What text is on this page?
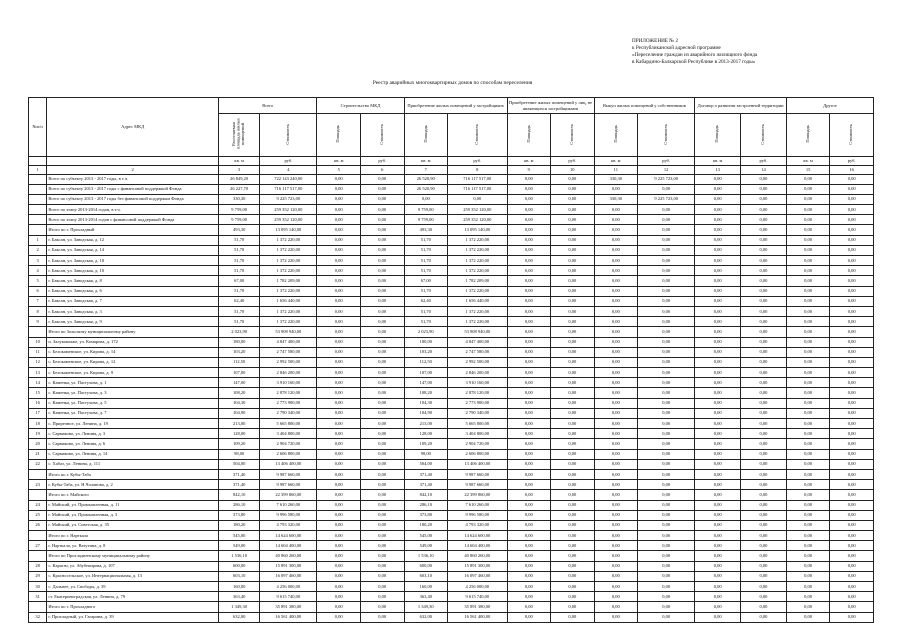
ПРИЛОЖЕНИЕ № 2
к Республиканской адресной программе
«Переселение граждан из аварийного жилищного фонда
в Кабардино-Балкарской Республике в 2013-2017 годы»
Реестр аварийных многоквартирных домов по способам переселения
№п/п	Адрес МКД	Всего		Строительство МКД		Приобретение жилых помещений у застройщиков		Приобретение жилых помещений у лиц, не являющихся застройщиками		Выкуп жилых помещений у собственников		Договор о развитии застроенной территории		Другое	
		Расселяемая площадь жилых помещений	Стоимость	Площадь	Стоимость	Площадь	Стоимость	Площадь	Стоимость	Площадь	Стоимость	Площадь	Стоимость	Площадь	Стоимость
		кв. м	руб.	кв. м	руб.	кв. м	руб.	кв. м	руб.	кв. м	руб.	кв. м	руб.	кв. м	руб.
1	2	3	4	5	6	7	8	9	10	11	12	13	14	15	16
	Всего по субъекту 2013 - 2017 годы, в т.ч.	26 849,20	722 143 240,00	0,00	0,00	26 520,90	716 117 517,00	0,00	0,00	330,30	9 225 723,00	0,00	0,00	0,00	0,00
	Всего по субъекту 2013 - 2017 годы с финансовой поддержкой Фонда	26 227,70	716 117 517,00	0,00	0,00	26 520,90	716 117 517,00	0,00	0,00	0,00	0,00	0,00	0,00	0,00	0,00
	Всего по субъекту 2013 - 2017 годы без финансовой поддержки Фонда	330,30	9 225 723,00	0,00	0,00	0,00	0,00	0,00	0,00	330,30	9 225 723,00	0,00	0,00	0,00	0,00
	Всего по этапу 2013-2014 годов, в т.ч.	9 759,00	259 352 120,00	0,00	0,00	9 759,00	259 352 120,00	0,00	0,00	0,00	0,00	0,00	0,00	0,00	0,00
	Всего по этапу 2013-2014 годов с финансовой поддержкой Фонда	9 759,00	259 352 120,00	0,00	0,00	9 759,00	259 352 120,00	0,00	0,00	0,00	0,00	0,00	0,00	0,00	0,00
	Итого по г. Прохладный	493,30	13 095 140,00	0,00	0,00	493,30	13 095 140,00	0,00	0,00	0,00	0,00	0,00	0,00	0,00	0,00
1	г. Баксан, ул. Заводская, д. 12	51,70	1 372 220,00	0,00	0,00	51,70	1 372 220,00	0,00	0,00	0,00	0,00	0,00	0,00	0,00	0,00
2	г. Баксан, ул. Заводская, д. 14	51,70	1 372 220,00	0,00	0,00	51,70	1 372 220,00	0,00	0,00	0,00	0,00	0,00	0,00	0,00	0,00
3	г. Баксан, ул. Заводская, д. 18	51,70	1 372 220,00	0,00	0,00	51,70	1 372 220,00	0,00	0,00	0,00	0,00	0,00	0,00	0,00	0,00
4	г. Баксан, ул. Заводская, д. 10	51,70	1 372 220,00	0,00	0,00	51,70	1 372 220,00	0,00	0,00	0,00	0,00	0,00	0,00	0,00	0,00
5	г. Баксан, ул. Заводская, д. 8	67,00	1 782 209,00	0,00	0,00	67,00	1 782 209,00	0,00	0,00	0,00	0,00	0,00	0,00	0,00	0,00
6	г. Баксан, ул. Заводская, д. 6	51,70	1 372 220,00	0,00	0,00	51,70	1 372 220,00	0,00	0,00	0,00	0,00	0,00	0,00	0,00	0,00
7	г. Баксан, ул. Заводская, д. 7	62,40	1 656 440,00	0,00	0,00	62,40	1 656 440,00	0,00	0,00	0,00	0,00	0,00	0,00	0,00	0,00
8	г. Баксан, ул. Заводская, д. 3	51,70	1 372 220,00	0,00	0,00	51,70	1 372 220,00	0,00	0,00	0,00	0,00	0,00	0,00	0,00	0,00
9	г. Баксан, ул. Заводская, д. 9	51,70	1 372 220,00	0,00	0,00	51,70	1 372 220,00	0,00	0,00	0,00	0,00	0,00	0,00	0,00	0,00
	Итого по Зольскому муниципальному району	2 023,90	53 908 940,00	0,00	0,00	2 023,90	53 908 940,00	0,00	0,00	0,00	0,00	0,00	0,00	0,00	0,00
10	п. Залукокоаже, ул. Комарова, д. 172	180,00	4 847 400,00	0,00	0,00	180,00	4 847 400,00	0,00	0,00	0,00	0,00	0,00	0,00	0,00	0,00
11	с. Белокаменское, ул. Кирова, д. 14	103,20	2 747 580,00	0,00	0,00	103,20	2 747 580,00	0,00	0,00	0,00	0,00	0,00	0,00	0,00	0,00
12	с. Белокаменское, ул. Кирова, д. 12	112,50	2 992 500,00	0,00	0,00	112,50	2 992 500,00	0,00	0,00	0,00	0,00	0,00	0,00	0,00	0,00
13	с. Белокаменское, ул. Кирова, д. 9	107,00	2 846 200,00	0,00	0,00	107,00	2 846 200,00	0,00	0,00	0,00	0,00	0,00	0,00	0,00	0,00
14	с. Каменка, ул. Пастухова, д. 1	147,00	3 910 160,00	0,00	0,00	147,00	3 910 160,00	0,00	0,00	0,00	0,00	0,00	0,00	0,00	0,00
15	с. Каменка, ул. Пастухова, д. 3	108,20	2 878 120,00	0,00	0,00	108,20	2 878 120,00	0,00	0,00	0,00	0,00	0,00	0,00	0,00	0,00
16	с. Каменка, ул. Пастухова, д. 5	104,30	2 773 900,00	0,00	0,00	104,30	2 773 900,00	0,00	0,00	0,00	0,00	0,00	0,00	0,00	0,00
17	с. Каменка, ул. Пастухова, д. 7	104,90	2 790 340,00	0,00	0,00	104,90	2 790 340,00	0,00	0,00	0,00	0,00	0,00	0,00	0,00	0,00
18	с. Приречное, ул. Ленина, д. 19	213,00	5 665 800,00	0,00	0,00	213,00	5 665 800,00	0,00	0,00	0,00	0,00	0,00	0,00	0,00	0,00
19	с. Сармаково, ул. Ленина, д. 3	128,00	3 404 800,00	0,00	0,00	128,00	3 404 800,00	0,00	0,00	0,00	0,00	0,00	0,00	0,00	0,00
20	с. Сармаково, ул. Ленина, д. 6	109,20	2 904 720,00	0,00	0,00	109,20	2 904 720,00	0,00	0,00	0,00	0,00	0,00	0,00	0,00	0,00
21	с. Сармаково, ул. Ленина, д. 14	98,00	2 606 800,00	0,00	0,00	98,00	2 606 800,00	0,00	0,00	0,00	0,00	0,00	0,00	0,00	0,00
22	с. Хабаз, ул. Ленина, д. 111	504,00	13 406 400,00	0,00	0,00	504,00	13 406 400,00	0,00	0,00	0,00	0,00	0,00	0,00	0,00	0,00
	Итого по г. Кубы-Таба	371,40	9 987 660,00	0,00	0,00	371,40	9 987 660,00	0,00	0,00	0,00	0,00	0,00	0,00	0,00	0,00
23	г. Кубы-Таба, ул. Н.Чоланова, д. 2	371,40	9 987 660,00	0,00	0,00	371,40	9 987 660,00	0,00	0,00	0,00	0,00	0,00	0,00	0,00	0,00
	Итого по г. Майского	842,10	22 399 860,00	0,00	0,00	842,10	22 399 860,00	0,00	0,00	0,00	0,00	0,00	0,00	0,00	0,00
24	г. Майский, ул. Промышленная, д. 11	286,10	7 610 260,00	0,00	0,00	286,10	7 610 260,00	0,00	0,00	0,00	0,00	0,00	0,00	0,00	0,00
25	г. Майский, ул. Промышленная, д. 3	373,80	9 996 580,00	0,00	0,00	373,80	9 996 580,00	0,00	0,00	0,00	0,00	0,00	0,00	0,00	0,00
26	г. Майский, ул. Советская, д. 35	180,20	4 793 320,00	0,00	0,00	180,20	4 793 320,00	0,00	0,00	0,00	0,00	0,00	0,00	0,00	0,00
	Итого по г. Нарткала	545,00	14 624 600,00	0,00	0,00	545,00	14 624 600,00	0,00	0,00	0,00	0,00	0,00	0,00	0,00	0,00
27	г. Нарткала, ул. Ватутина, д. 8	549,00	14 604 400,00	0,00	0,00	549,00	14 604 400,00	0,00	0,00	0,00	0,00	0,00	0,00	0,00	0,00
	Итого по Прохладненскому муниципальному району	1 536,10	40 860 260,00	0,00	0,00	1 536,10	40 860 260,00	0,00	0,00	0,00	0,00	0,00	0,00	0,00	0,00
28	с. Карагач, ул. Абубекирова, д. 107	600,00	15 891 300,00	0,00	0,00	600,00	15 891 300,00	0,00	0,00	0,00	0,00	0,00	0,00	0,00	0,00
29	с. Красносельское, ул. Интернациональная, д. 13	603,10	16 097 460,00	0,00	0,00	603,10	16 097 460,00	0,00	0,00	0,00	0,00	0,00	0,00	0,00	0,00
30	с. Дальнее, ул. Свободы, д. 39	160,00	4 256 000,00	0,00	0,00	160,00	4 256 000,00	0,00	0,00	0,00	0,00	0,00	0,00	0,00	0,00
31	ст. Екатериноградская, ул. Ленина, д. 79	363,40	9 615 740,00	0,00	0,00	363,40	9 615 740,00	0,00	0,00	0,00	0,00	0,00	0,00	0,00	0,00
	Итого по г. Прохладного	1 349,30	35 891 380,00	0,00	0,00	1 349,30	35 891 380,00	0,00	0,00	0,00	0,00	0,00	0,00	0,00	0,00
32	г. Прохладный, ул. Гагарина, д. 39	632,00	16 561 400,00	0,00	0,00	632,00	16 561 400,00	0,00	0,00	0,00	0,00	0,00	0,00	0,00	0,00
